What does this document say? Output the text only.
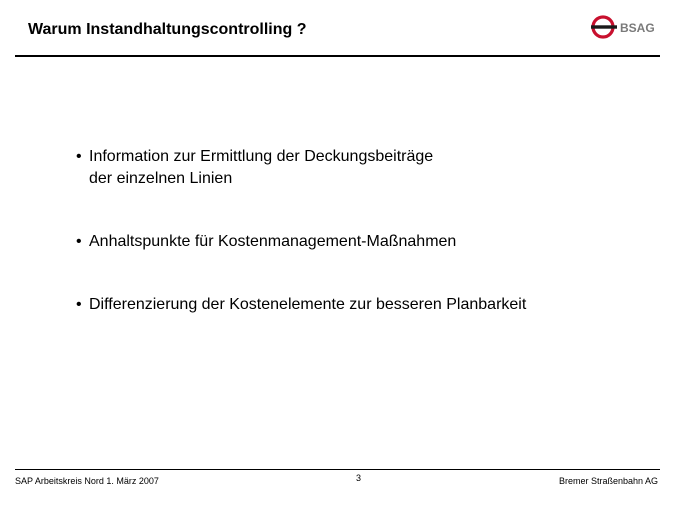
Warum Instandhaltungscontrolling ?	BSAG
• Information zur Ermittlung der Deckungsbeiträge
der einzelnen Linien
• Anhaltspunkte für Kostenmanagement-Maßnahmen
• Differenzierung der Kostenelemente zur besseren Planbarkeit
SAP Arbeitskreis Nord 1. März 2007	3	Bremer Straßenbahn AG
